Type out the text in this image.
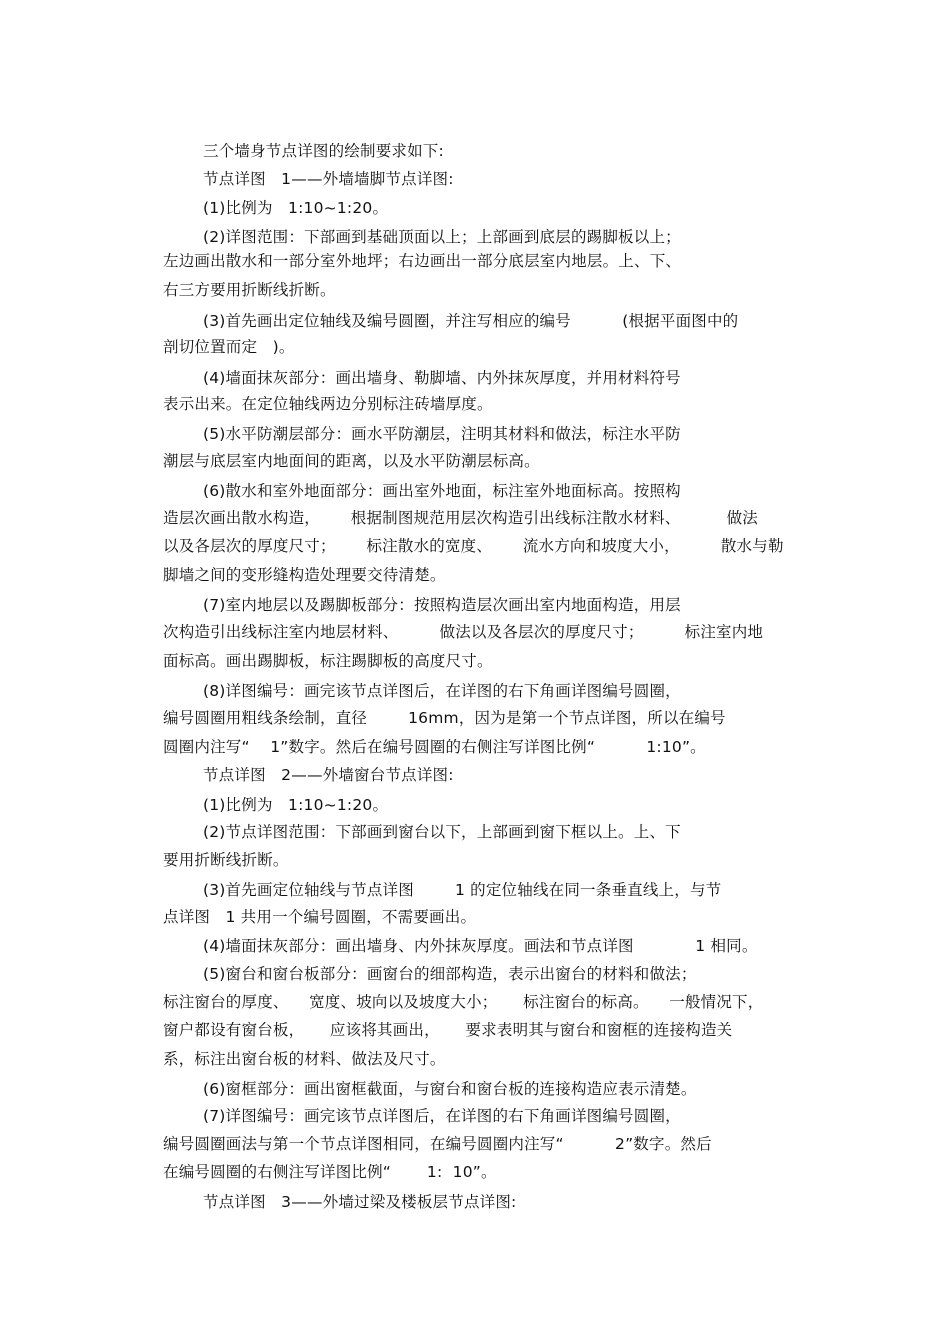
三个墙身节点详图的绘制要求如下:
节点详图   1——外墙墙脚节点详图:
(1)比例为   1:10~1:20。
(2)详图范围：下部画到基础顶面以上；上部画到底层的踢脚板以上；
左边画出散水和一部分室外地坪；右边画出一部分底层室内地层。上、下、
右三方要用折断线折断。
(3)首先画出定位轴线及编号圆圈，并注写相应的编号          (根据平面图中的
剖切位置而定   )。
(4)墙面抹灰部分：画出墙身、勒脚墙、内外抹灰厚度，并用材料符号
表示出来。在定位轴线两边分别标注砖墙厚度。
(5)水平防潮层部分：画水平防潮层，注明其材料和做法，标注水平防
潮层与底层室内地面间的距离，以及水平防潮层标高。
(6)散水和室外地面部分：画出室外地面，标注室外地面标高。按照构
造层次画出散水构造，      根据制图规范用层次构造引出线标注散水材料、         做法
以及各层次的厚度尺寸；      标注散水的宽度、      流水方向和坡度大小，        散水与勒
脚墙之间的变形缝构造处理要交待清楚。
(7)室内地层以及踢脚板部分：按照构造层次画出室内地面构造，用层
次构造引出线标注室内地层材料、        做法以及各层次的厚度尺寸；        标注室内地
面标高。画出踢脚板，标注踢脚板的高度尺寸。
(8)详图编号：画完该节点详图后，在详图的右下角画详图编号圆圈，
编号圆圈用粗线条绘制，直径        16mm，因为是第一个节点详图，所以在编号
圆圈内注写“    1”数字。然后在编号圆圈的右侧注写详图比例“          1:10”。
节点详图   2——外墙窗台节点详图:
(1)比例为   1:10~1:20。
(2)节点详图范围：下部画到窗台以下，上部画到窗下框以上。上、下
要用折断线折断。
(3)首先画定位轴线与节点详图        1 的定位轴线在同一条垂直线上，与节
点详图   1 共用一个编号圆圈，不需要画出。
(4)墙面抹灰部分：画出墙身、内外抹灰厚度。画法和节点详图            1 相同。
(5)窗台和窗台板部分：画窗台的细部构造，表示出窗台的材料和做法；
标注窗台的厚度、    宽度、坡向以及坡度大小；     标注窗台的标高。    一般情况下，
窗户都设有窗台板，     应该将其画出，     要求表明其与窗台和窗框的连接构造关
系，标注出窗台板的材料、做法及尺寸。
(6)窗框部分：画出窗框截面，与窗台和窗台板的连接构造应表示清楚。
(7)详图编号：画完该节点详图后，在详图的右下角画详图编号圆圈，
编号圆圈画法与第一个节点详图相同，在编号圆圈内注写“          2”数字。然后
在编号圆圈的右侧注写详图比例“       1:  10”。
节点详图   3——外墙过梁及楼板层节点详图:
